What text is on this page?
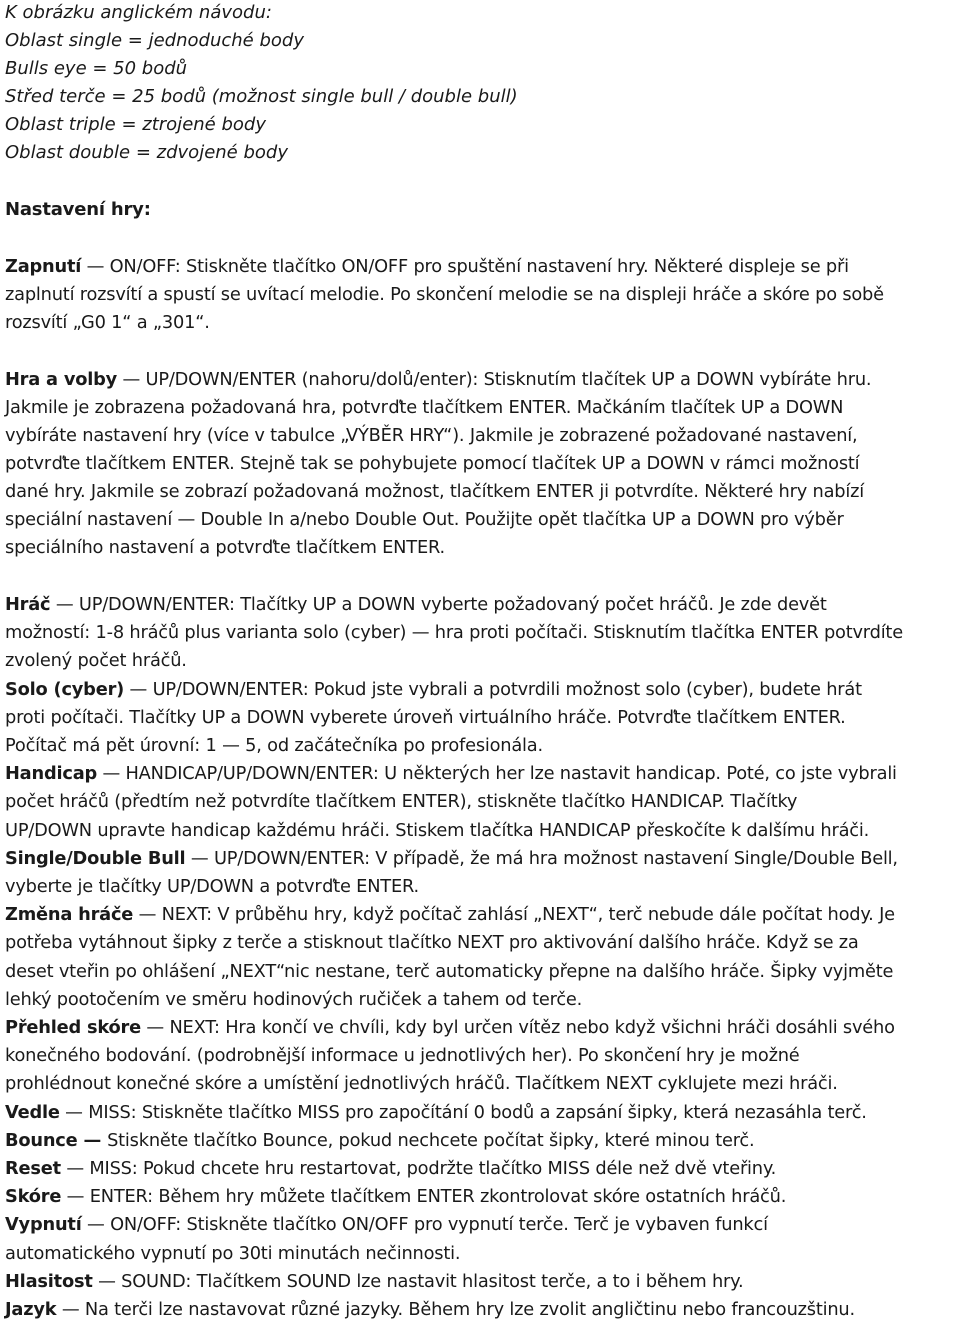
K obrázku anglickém návodu:
Oblast single = jednoduché body
Bulls eye = 50 bodů
Střed terče = 25 bodů (možnost single bull / double bull)
Oblast triple = ztrojené body
Oblast double = zdvojené body
Nastavení hry:
Zapnutí — ON/OFF: Stiskněte tlačítko ON/OFF pro spuštění nastavení hry. Některé displeje se při
zaplnutí rozsvítí a spustí se uvítací melodie. Po skončení melodie se na displeji hráče a skóre po sobě
rozsvítí „G0 1“ a „301“.
Hra a volby — UP/DOWN/ENTER (nahoru/dolů/enter): Stisknutím tlačítek UP a DOWN vybíráte hru.
Jakmile je zobrazena požadovaná hra, potvrďte tlačítkem ENTER. Mačkáním tlačítek UP a DOWN
vybíráte nastavení hry (více v tabulce „VÝBĚR HRY“). Jakmile je zobrazené požadované nastavení,
potvrďte tlačítkem ENTER. Stejně tak se pohybujete pomocí tlačítek UP a DOWN v rámci možností
dané hry. Jakmile se zobrazí požadovaná možnost, tlačítkem ENTER ji potvrdíte. Některé hry nabízí
speciální nastavení — Double In a/nebo Double Out. Použijte opět tlačítka UP a DOWN pro výběr
speciálního nastavení a potvrďte tlačítkem ENTER.
Hráč — UP/DOWN/ENTER: Tlačítky UP a DOWN vyberte požadovaný počet hráčů. Je zde devět
možností: 1-8 hráčů plus varianta solo (cyber) — hra proti počítači. Stisknutím tlačítka ENTER potvrdíte
zvolený počet hráčů.
Solo (cyber) — UP/DOWN/ENTER: Pokud jste vybrali a potvrdili možnost solo (cyber), budete hrát
proti počítači. Tlačítky UP a DOWN vyberete úroveň virtuálního hráče. Potvrďte tlačítkem ENTER.
Počítač má pět úrovní: 1 — 5, od začátečníka po profesionála.
Handicap — HANDICAP/UP/DOWN/ENTER: U některých her lze nastavit handicap. Poté, co jste vybrali
počet hráčů (předtím než potvrdíte tlačítkem ENTER), stiskněte tlačítko HANDICAP. Tlačítky
UP/DOWN upravte handicap každému hráči. Stiskem tlačítka HANDICAP přeskočíte k dalšímu hráči.
Single/Double Bull — UP/DOWN/ENTER: V případě, že má hra možnost nastavení Single/Double Bell,
vyberte je tlačítky UP/DOWN a potvrďte ENTER.
Změna hráče — NEXT: V průběhu hry, když počítač zahlásí „NEXT“, terč nebude dále počítat hody. Je
potřeba vytáhnout šipky z terče a stisknout tlačítko NEXT pro aktivování dalšího hráče. Když se za
deset vteřin po ohlášení „NEXT“nic nestane, terč automaticky přepne na dalšího hráče. Šipky vyjměte
lehký pootočením ve směru hodinových ručiček a tahem od terče.
Přehled skóre — NEXT: Hra končí ve chvíli, kdy byl určen vítěz nebo když všichni hráči dosáhli svého
konečného bodování. (podrobnější informace u jednotlivých her). Po skončení hry je možné
prohlédnout konečné skóre a umístění jednotlivých hráčů. Tlačítkem NEXT cyklujete mezi hráči.
Vedle — MISS: Stiskněte tlačítko MISS pro započítání 0 bodů a zapsání šipky, která nezasáhla terč.
Bounce — Stiskněte tlačítko Bounce, pokud nechcete počítat šipky, které minou terč.
Reset — MISS: Pokud chcete hru restartovat, podržte tlačítko MISS déle než dvě vteřiny.
Skóre — ENTER: Během hry můžete tlačítkem ENTER zkontrolovat skóre ostatních hráčů.
Vypnutí — ON/OFF: Stiskněte tlačítko ON/OFF pro vypnutí terče. Terč je vybaven funkcí
automatického vypnutí po 30ti minutách nečinnosti.
Hlasitost — SOUND: Tlačítkem SOUND lze nastavit hlasitost terče, a to i během hry.
Jazyk — Na terči lze nastavovat různé jazyky. Během hry lze zvolit angličtinu nebo francouzštinu.
